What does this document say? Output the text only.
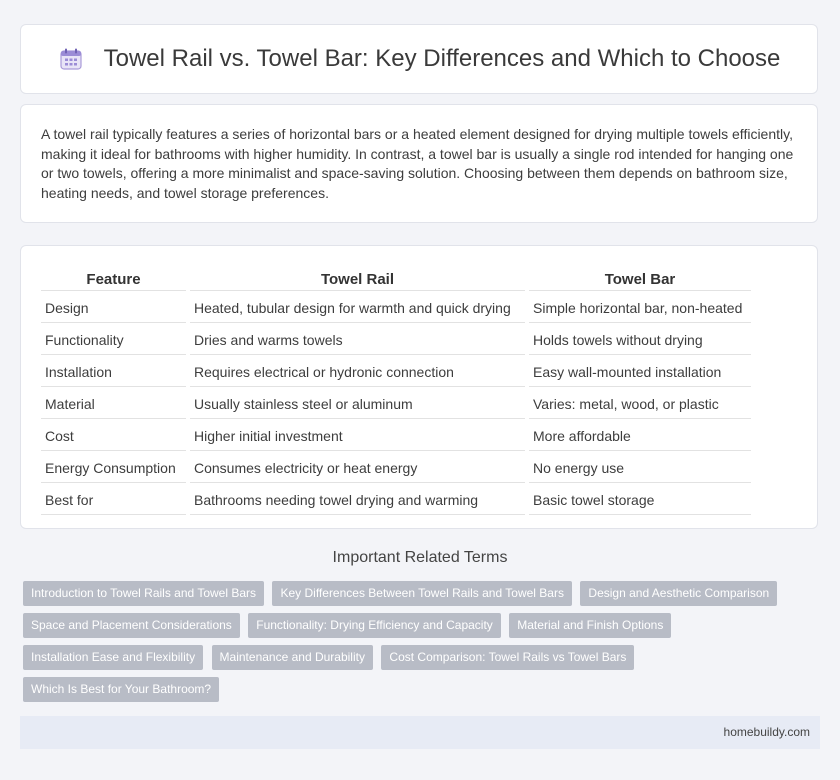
Towel Rail vs. Towel Bar: Key Differences and Which to Choose

A towel rail typically features a series of horizontal bars or a heated element designed for drying multiple towels efficiently, making it ideal for bathrooms with higher humidity. In contrast, a towel bar is usually a single rod intended for hanging one or two towels, offering a more minimalist and space-saving solution. Choosing between them depends on bathroom size, heating needs, and towel storage preferences.

Feature	Towel Rail	Towel Bar
Design	Heated, tubular design for warmth and quick drying	Simple horizontal bar, non-heated
Functionality	Dries and warms towels	Holds towels without drying
Installation	Requires electrical or hydronic connection	Easy wall-mounted installation
Material	Usually stainless steel or aluminum	Varies: metal, wood, or plastic
Cost	Higher initial investment	More affordable
Energy Consumption	Consumes electricity or heat energy	No energy use
Best for	Bathrooms needing towel drying and warming	Basic towel storage
Important Related Terms
Introduction to Towel Rails and Towel Bars Key Differences Between Towel Rails and Towel Bars Design and Aesthetic Comparison Space and Placement Considerations Functionality: Drying Efficiency and Capacity Material and Finish Options Installation Ease and Flexibility Maintenance and Durability Cost Comparison: Towel Rails vs Towel Bars Which Is Best for Your Bathroom?
homebuildy.com
